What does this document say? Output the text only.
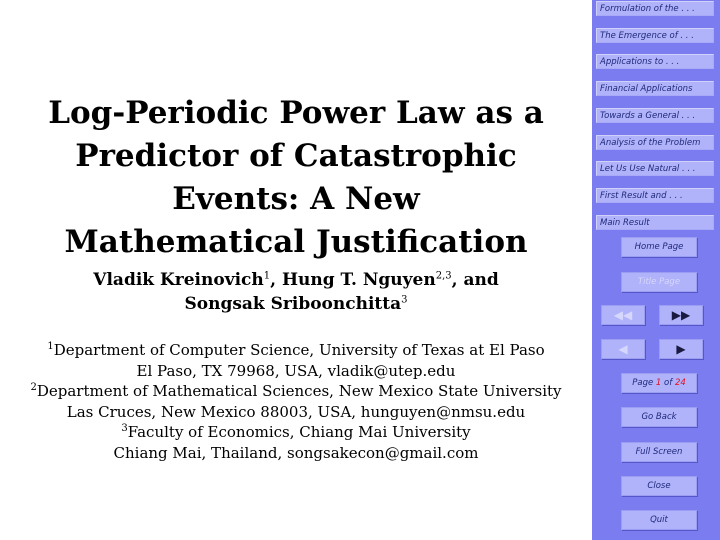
Log-Periodic Power Law as a
Predictor of Catastrophic
Events: A New
Mathematical Justification
Vladik Kreinovich$^1$, Hung T. Nguyen$^{2,3}$, and
Songsak Sriboonchitta$^3$
$^1$Department of Computer Science, University of Texas at El Paso
El Paso, TX 79968, USA, vladik@utep.edu
$^2$Department of Mathematical Sciences, New Mexico State University
Las Cruces, New Mexico 88003, USA, hunguyen@nmsu.edu
$^3$Faculty of Economics, Chiang Mai University
Chiang Mai, Thailand, songsakecon@gmail.com
Formulation of the . . .
The Emergence of . . .
Applications to . . .
Financial Applications
Towards a General . . .
Analysis of the Problem
Let Us Use Natural . . .
First Result and . . .
Main Result
Home Page
Title Page
◀◀	▶▶
◀	▶
Page 1 of 24
Go Back
Full Screen
Close
Quit
